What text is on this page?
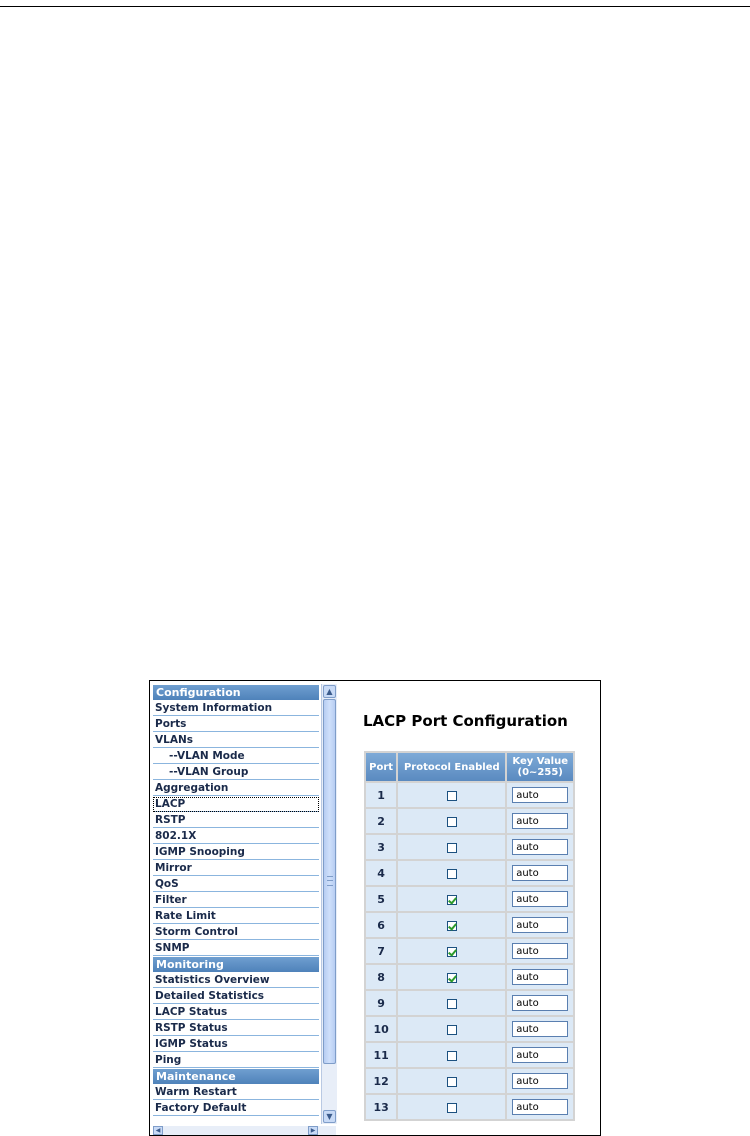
Configuration
System Information
Ports
VLANs
--VLAN Mode
--VLAN Group
Aggregation
LACP
RSTP
802.1X
IGMP Snooping
Mirror
QoS
Filter
Rate Limit
Storm Control
SNMP
Monitoring
Statistics Overview
Detailed Statistics
LACP Status
RSTP Status
IGMP Status
Ping
Maintenance
Warm Restart
Factory Default
▲
▼
◀	▶
LACP Port Configuration
Port	Protocol Enabled	Key Value
(0~255)
1		auto
2		auto
3		auto
4		auto
5		auto
6		auto
7		auto
8		auto
9		auto
10		auto
11		auto
12		auto
13		auto
